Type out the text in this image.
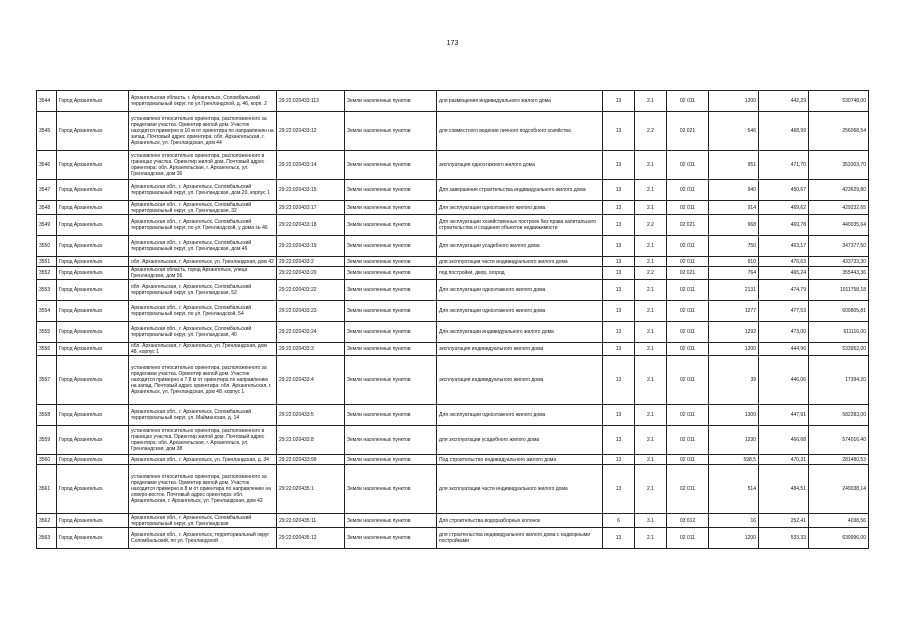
173
3544	Город Архангельск	Архангельская область, г. Архангельск, Соломбальский территориальный округ, по ул.Гренландской, д. 46, корп. 2	29:22:020433:113	Земли населенных пунктов	для размещения индивидуального жилого дома	13	2.1	02 011	1200	442,29	530748,00
3545	Город Архангельск	установлено относительно ориентира, расположенного за пределами участка. Ориентир жилой дом. Участок находится примерно в 10 м от ориентира по направлению на запад. Почтовый адрес ориентира: обл. Архангельская, г. Архангельск, ул. Гренландская, дом 44	29:22:020433:12	Земли населенных пунктов	для совместного ведения личного подсобного хозяйства	13	2.2	02 021	546	468,99	256068,54
3546	Город Архангельск	установлено относительно ориентира, расположенного в границах участка. Ориентир жилой дом. Почтовый адрес ориентира: обл. Архангельская, г. Архангельск, ул. Гренландская, дом 36	29:22:020433:14	Земли населенных пунктов	эксплуатация одноэтажного жилого дома	13	2.1	02 011	951	471,70	353303,70
3547	Город Архангельск	Архангельская обл., г. Архангельск, Соломбальский территориальный округ, ул. Гренландская, дом 20, корпус 1	29:22:020433:15	Земли населенных пунктов	Для завершения строительства индивидуального жилого дома	13	2.1	02 011	940	450,67	423629,80
3548	Город Архангельск	Архангельская обл., г. Архангельск, Соломбальский территориальный округ, ул. Гренландская, 32	29:22:020433:17	Земли населенных пунктов	Для эксплуатации одноэтажного жилого дома	13	2.1	02 011	914	469,62	429232,65
3549	Город Архангельск	Архангельская обл., г. Архангельск, Соломбальский территориальный округ, по ул. Гренландской, у дома № 46	29:22:020433:18	Земли населенных пунктов	Для эксплуатации хозяйственных построек без права капитального строительства и создания объектов недвижимости	13	2.2	02 021	968	469,78	440035,64
3550	Город Архангельск	Архангельская обл., г. Архангельск, Соломбальский территориальный округ, ул. Гренландская, дом 46	29:22:020433:19	Земли населенных пунктов	Для эксплуатации усадебного жилого дома	13	2.1	02 011	750	463,17	347377,50
3551	Город Архангельск	обл. Архангельская, г. Архангельск, ул. Гренландская, дом 42	29:22:020433:2	Земли населенных пунктов	для эксплуатации части индивидуального жилого дома	13	2.1	02 011	910	476,63	433733,30
3552	Город Архангельск	Архангельская область, город Архангельск, улица Гренландская, дом 56	29:22:020433:20	Земли населенных пунктов	под постройки, двор, огород	13	2.2	02 021	764	465,24	355443,36
3553	Город Архангельск	обл. Архангельская, г. Архангельск, Соломбальский территориальный округ, ул. Гренландская, 52	29:22:020433:22	Земли населенных пунктов	Для эксплуатации одноэтажного жилого дома	13	2.1	02 011	2131	474,79	1011758,18
3554	Город Архангельск	Архангельская обл., г. Архангельск, Соломбальский территориальный округ, по ул. Гренландской, 54	29:22:020433:23	Земли населенных пунктов	Для эксплуатации одноэтажного жилого дома	13	2.1	02 011	1277	477,53	609805,81
3555	Город Архангельск	Архангельская обл., г. Архангельск, Соломбальский территориальный округ, ул. Гренландская, 40	29:22:020433:24	Земли населенных пунктов	Для эксплуатации индивидуального жилого дома	13	2.1	02 011	1292	473,00	611116,00
3556	Город Архангельск	обл. Архангельская, г. Архангельск, ул. Гренландская, дом 48, корпус 1	29:22:020433:3	Земли населенных пунктов	эксплуатация индивидуального жилого дома	13	2.1	02 011	1200	444,96	533952,00
3557	Город Архангельск	установлено относительно ориентира, расположенного за пределами участка. Ориентир жилой дом. Участок находится примерно в 7,8 м от ориентира по направлению на запад. Почтовый адрес ориентира: обл. Архангельская, г. Архангельск, ул. Гренландская, дом 48, корпус 1	29:22:020433:4	Земли населенных пунктов	эксплуатация индивидуального жилого дома	13	2.1	02 011	39	446,06	17394,20
3558	Город Архангельск	Архангельская обл., г. Архангельск, Соломбальский территориальный округ, ул. Майманская, д. 14	29:22:020433:5	Земли населенных пунктов	Для эксплуатации одноэтажного жилого дома	13	2.1	02 011	1300	447,91	582283,00
3559	Город Архангельск	установлено относительно ориентира, расположенного в границах участка. Ориентир жилой дом. Почтовый адрес ориентира: обл. Архангельская, г. Архангельск, ул. Гренландская, дом 38	29:22:020433:8	Земли населенных пунктов	для эксплуатации усадебного жилого дома	13	2.1	02 011	1230	466,68	574016,40
3560	Город Архангельск	Архангельская обл., г. Архангельск, ул. Гренландская, д. 34	29:22:020433:99	Земли населенных пунктов	Под строительство индивидуального жилого дома	13	2.1	02 011	598,5	470,31	281480,53
3561	Город Архангельск	установлено относительно ориентира, расположенного за пределами участка. Ориентир жилой дом. Участок находится примерно в 8 м от ориентира по направлению на северо-восток. Почтовый адрес ориентира: обл. Архангельская, г. Архангельск, ул. Гренландская, дом 42	29:22:020435:1	Земли населенных пунктов	для эксплуатации части индивидуального жилого дома	13	2.1	02 011	514	484,51	249038,14
3562	Город Архангельск	Архангельская обл., г. Архангельск, Соломбальский территориальный округ, ул. Гренландская	29:22:020435:11	Земли населенных пунктов	Для строительства водоразборных колонок	6	3.1	03 012	16	252,41	4038,56
3563	Город Архангельск	Архангельская обл., г. Архангельск, территориальный округ Соломбальский, по ул. Гренландской	29:22:020435:12	Земли населенных пунктов	для строительства индивидуального жилого дома с надворными постройками	13	2.1	02 011	1200	533,33	639996,00
